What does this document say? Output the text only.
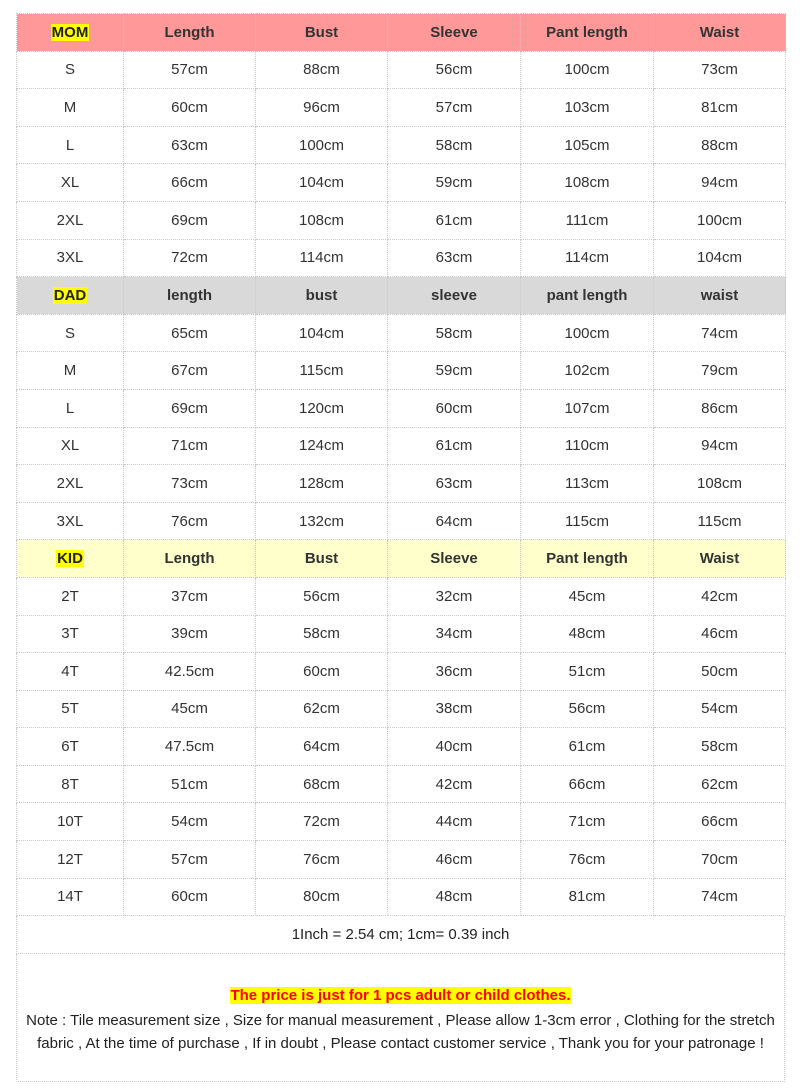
MOM	Length	Bust	Sleeve	Pant length	Waist
S	57cm	88cm	56cm	100cm	73cm
M	60cm	96cm	57cm	103cm	81cm
L	63cm	100cm	58cm	105cm	88cm
XL	66cm	104cm	59cm	108cm	94cm
2XL	69cm	108cm	61cm	111cm	100cm
3XL	72cm	114cm	63cm	114cm	104cm
DAD	length	bust	sleeve	pant length	waist
S	65cm	104cm	58cm	100cm	74cm
M	67cm	115cm	59cm	102cm	79cm
L	69cm	120cm	60cm	107cm	86cm
XL	71cm	124cm	61cm	110cm	94cm
2XL	73cm	128cm	63cm	113cm	108cm
3XL	76cm	132cm	64cm	115cm	115cm
KID	Length	Bust	Sleeve	Pant length	Waist
2T	37cm	56cm	32cm	45cm	42cm
3T	39cm	58cm	34cm	48cm	46cm
4T	42.5cm	60cm	36cm	51cm	50cm
5T	45cm	62cm	38cm	56cm	54cm
6T	47.5cm	64cm	40cm	61cm	58cm
8T	51cm	68cm	42cm	66cm	62cm
10T	54cm	72cm	44cm	71cm	66cm
12T	57cm	76cm	46cm	76cm	70cm
14T	60cm	80cm	48cm	81cm	74cm
1Inch = 2.54 cm; 1cm= 0.39 inch
The price is just for 1 pcs adult or child clothes.
Note : Tile measurement size , Size for manual measurement , Please allow 1-3cm error , Clothing for the stretch fabric , At the time of purchase , If in doubt , Please contact customer service , Thank you for your patronage !
